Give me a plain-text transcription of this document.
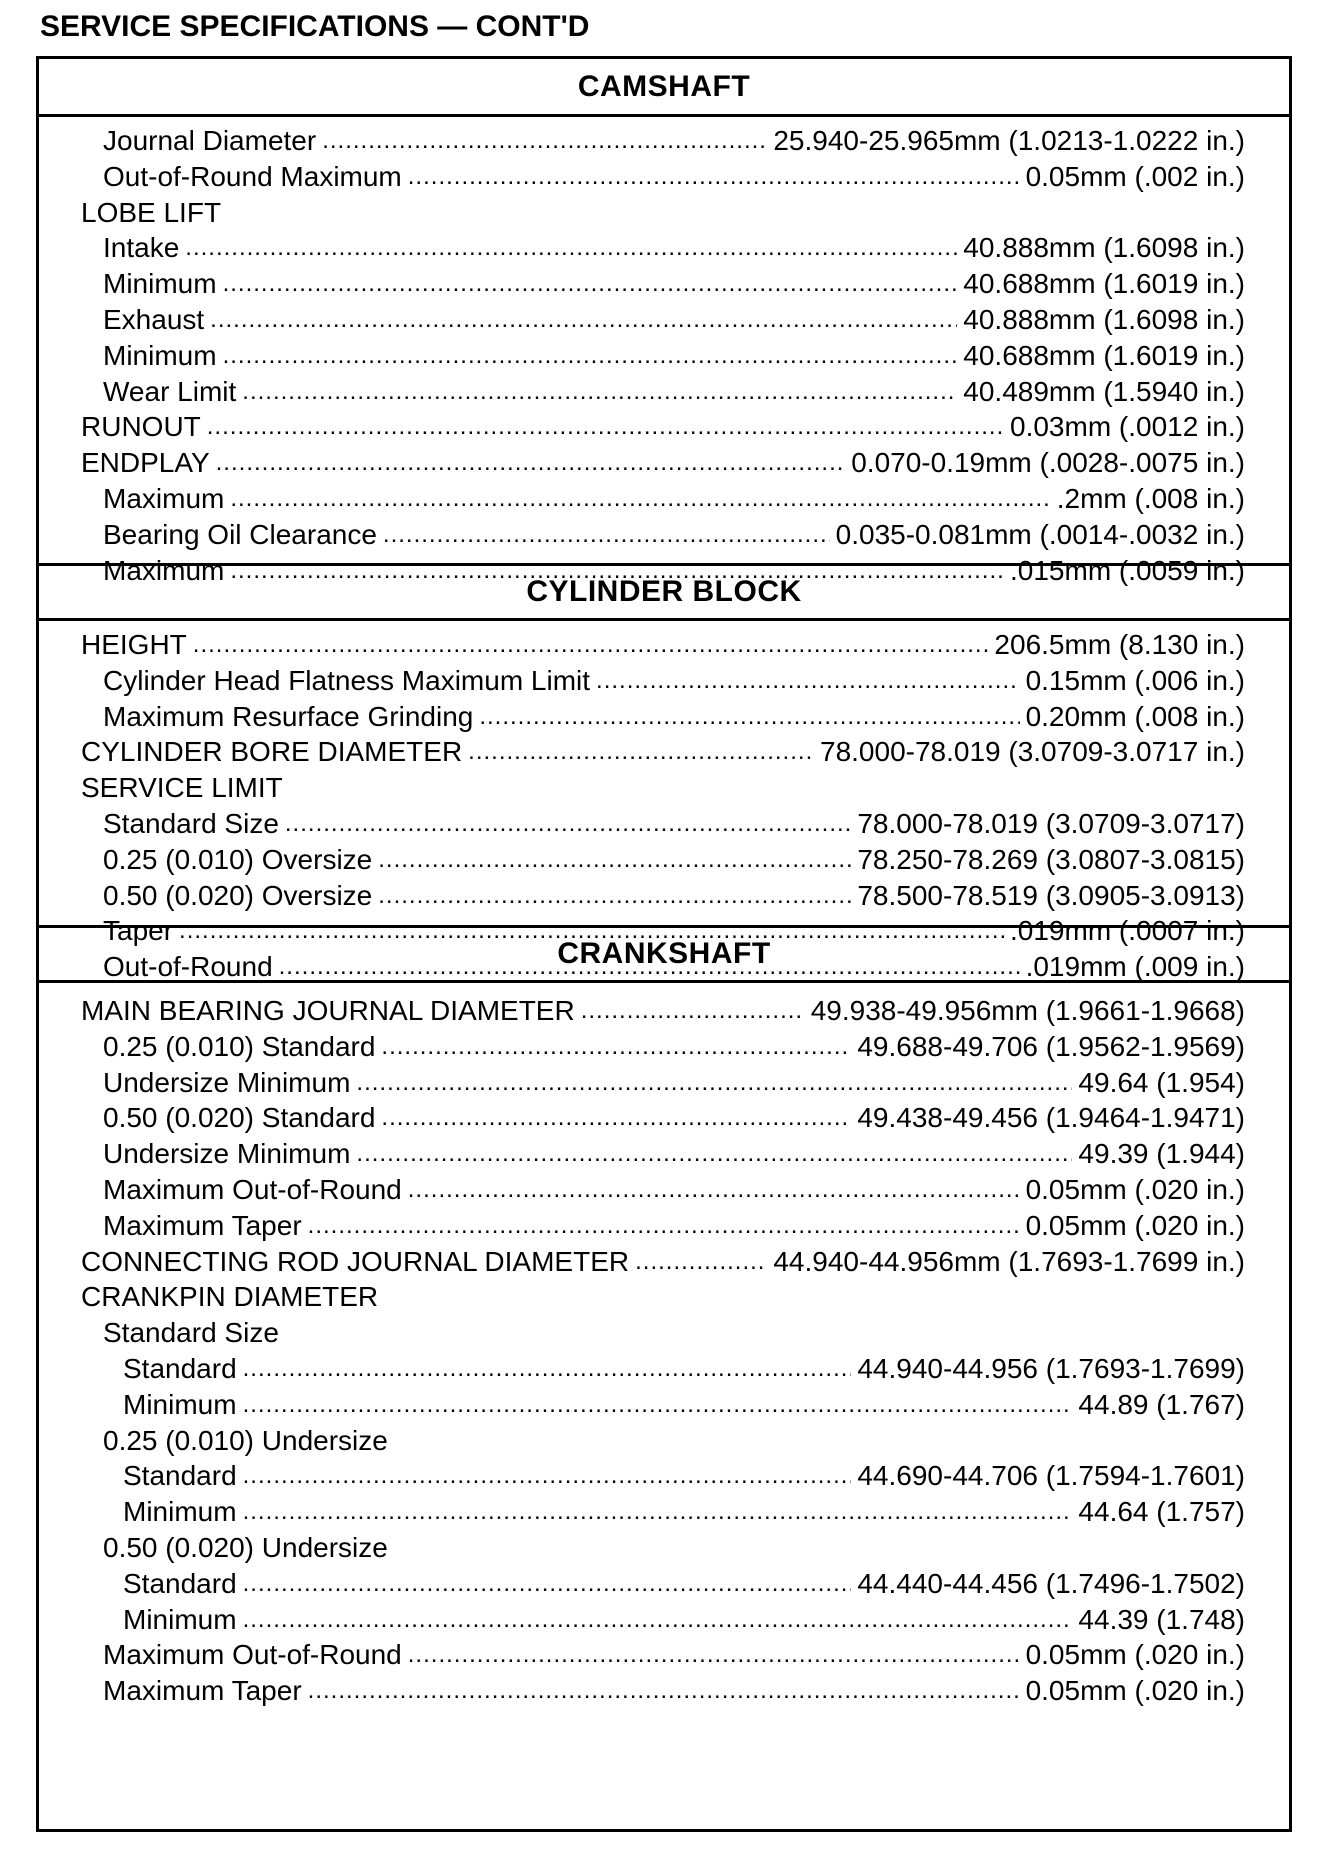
SERVICE SPECIFICATIONS — CONT'D
CAMSHAFT
Journal Diameter .....	25.940-25.965mm (1.0213-1.0222 in.)
Out-of-Round Maximum .....	0.05mm (.002 in.)
LOBE LIFT
Intake .....	40.888mm (1.6098 in.)
Minimum .....	40.688mm (1.6019 in.)
Exhaust .....	40.888mm (1.6098 in.)
Minimum .....	40.688mm (1.6019 in.)
Wear Limit .....	40.489mm (1.5940 in.)
RUNOUT .....	0.03mm (.0012 in.)
ENDPLAY .....	0.070-0.19mm (.0028-.0075 in.)
Maximum .....	.2mm (.008 in.)
Bearing Oil Clearance .....	0.035-0.081mm (.0014-.0032 in.)
Maximum .....	.015mm (.0059 in.)
CYLINDER BLOCK
HEIGHT .....	206.5mm (8.130 in.)
Cylinder Head Flatness Maximum Limit .....	0.15mm (.006 in.)
Maximum Resurface Grinding .....	0.20mm (.008 in.)
CYLINDER BORE DIAMETER .....	78.000-78.019 (3.0709-3.0717 in.)
SERVICE LIMIT
Standard Size .....	78.000-78.019 (3.0709-3.0717)
0.25 (0.010) Oversize .....	78.250-78.269 (3.0807-3.0815)
0.50 (0.020) Oversize .....	78.500-78.519 (3.0905-3.0913)
Taper .....	.019mm (.0007 in.)
Out-of-Round .....	.019mm (.009 in.)
CRANKSHAFT
MAIN BEARING JOURNAL DIAMETER .....	49.938-49.956mm (1.9661-1.9668)
0.25 (0.010) Standard .....	49.688-49.706 (1.9562-1.9569)
Undersize Minimum .....	49.64 (1.954)
0.50 (0.020) Standard .....	49.438-49.456 (1.9464-1.9471)
Undersize Minimum .....	49.39 (1.944)
Maximum Out-of-Round .....	0.05mm (.020 in.)
Maximum Taper .....	0.05mm (.020 in.)
CONNECTING ROD JOURNAL DIAMETER .....	44.940-44.956mm (1.7693-1.7699 in.)
CRANKPIN DIAMETER
Standard Size
Standard .....	44.940-44.956 (1.7693-1.7699)
Minimum .....	44.89 (1.767)
0.25 (0.010) Undersize
Standard .....	44.690-44.706 (1.7594-1.7601)
Minimum .....	44.64 (1.757)
0.50 (0.020) Undersize
Standard .....	44.440-44.456 (1.7496-1.7502)
Minimum .....	44.39 (1.748)
Maximum Out-of-Round .....	0.05mm (.020 in.)
Maximum Taper .....	0.05mm (.020 in.)
